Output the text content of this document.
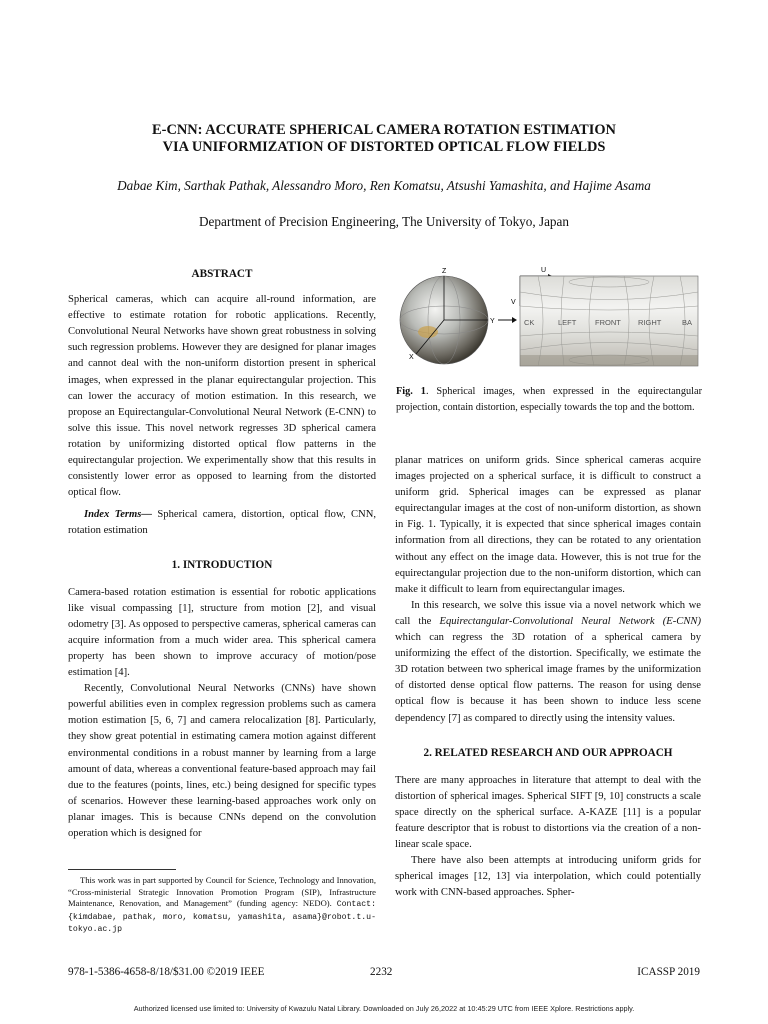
E-CNN: ACCURATE SPHERICAL CAMERA ROTATION ESTIMATION
VIA UNIFORMIZATION OF DISTORTED OPTICAL FLOW FIELDS
Dabae Kim, Sarthak Pathak, Alessandro Moro, Ren Komatsu, Atsushi Yamashita, and Hajime Asama
Department of Precision Engineering, The University of Tokyo, Japan

ABSTRACT

Spherical cameras, which can acquire all-round information, are effective to estimate rotation for robotic applications. Recently, Convolutional Neural Networks have shown great robustness in solving such regression problems. However they are designed for planar images and cannot deal with the non-uniform distortion present in spherical images, when expressed in the planar equirectangular projection. This can lower the accuracy of motion estimation. In this research, we propose an Equirectangular-Convolutional Neural Network (E-CNN) to solve this issue. This novel network regresses 3D spherical camera rotation by uniformizing distorted optical flow patterns in the equirectangular projection. We experimentally show that this results in consistently lower error as opposed to learning from the distorted optical flow.

Index Terms— Spherical camera, distortion, optical flow, CNN, rotation estimation

1. INTRODUCTION

Camera-based rotation estimation is essential for robotic applications like visual compassing [1], structure from motion [2], and visual odometry [3]. As opposed to perspective cameras, spherical cameras can acquire information from a much wider area. This spherical camera property has been shown to improve accuracy of motion/pose estimation [4].

Recently, Convolutional Neural Networks (CNNs) have shown powerful abilities even in complex regression problems such as camera motion estimation [5, 6, 7] and camera relocalization [8]. Particularly, they show great potential in estimating camera motion against different environmental conditions in a robust manner by learning from a large amount of data, whereas a conventional feature-based approach may fail due to the features (points, lines, etc.) being designed for specific types of scenarios. However these learning-based approaches work only on planar images. This is because CNNs depend on the convolution operation which is designed for

This work was in part supported by Council for Science, Technology and Innovation, “Cross-ministerial Strategic Innovation Promotion Program (SIP), Infrastructure Maintenance, Renovation, and Management” (funding agency: NEDO). Contact:{kimdabae, pathak, moro, komatsu, yamashita, asama}@robot.t.u-tokyo.ac.jp
Z
Y
X
U
V
CK	LEFT FRONT RIGHT	BA
Fig. 1. Spherical images, when expressed in the equirectangular projection, contain distortion, especially towards the top and the bottom.

planar matrices on uniform grids. Since spherical cameras acquire images projected on a spherical surface, it is difficult to construct a uniform grid. Spherical images can be expressed as planar equirectangular images at the cost of non-uniform distortion, as shown in Fig. 1. Typically, it is expected that since spherical images contain information from all directions, they can be rotated to any orientation without any effect on the image data. However, this is not true for the equirectangular projection due to the non-uniform distortion, which can make it difficult to learn from equirectangular images.

In this research, we solve this issue via a novel network which we call the Equirectangular-Convolutional Neural Network (E-CNN) which can regress the 3D rotation of a spherical camera by uniformizing the effect of the distortion. Specifically, we estimate the 3D rotation between two spherical image frames by the uniformization of distorted dense optical flow patterns. The reason for using dense optical flow is because it has been shown to induce less scene dependency [7] as compared to directly using the intensity values.

2. RELATED RESEARCH AND OUR APPROACH

There are many approaches in literature that attempt to deal with the distortion of spherical images. Spherical SIFT [9, 10] constructs a scale space directly on the spherical surface. A-KAZE [11] is a popular feature descriptor that is robust to distortions via the creation of a non-linear scale space.

There have also been attempts at introducing uniform grids for spherical images [12, 13] via interpolation, which could potentially work with CNN-based approaches. Spher-

978-1-5386-4658-8/18/$31.00 ©2019 IEEE	2232	ICASSP 2019
Authorized licensed use limited to: University of Kwazulu Natal Library. Downloaded on July 26,2022 at 10:45:29 UTC from IEEE Xplore. Restrictions apply.
